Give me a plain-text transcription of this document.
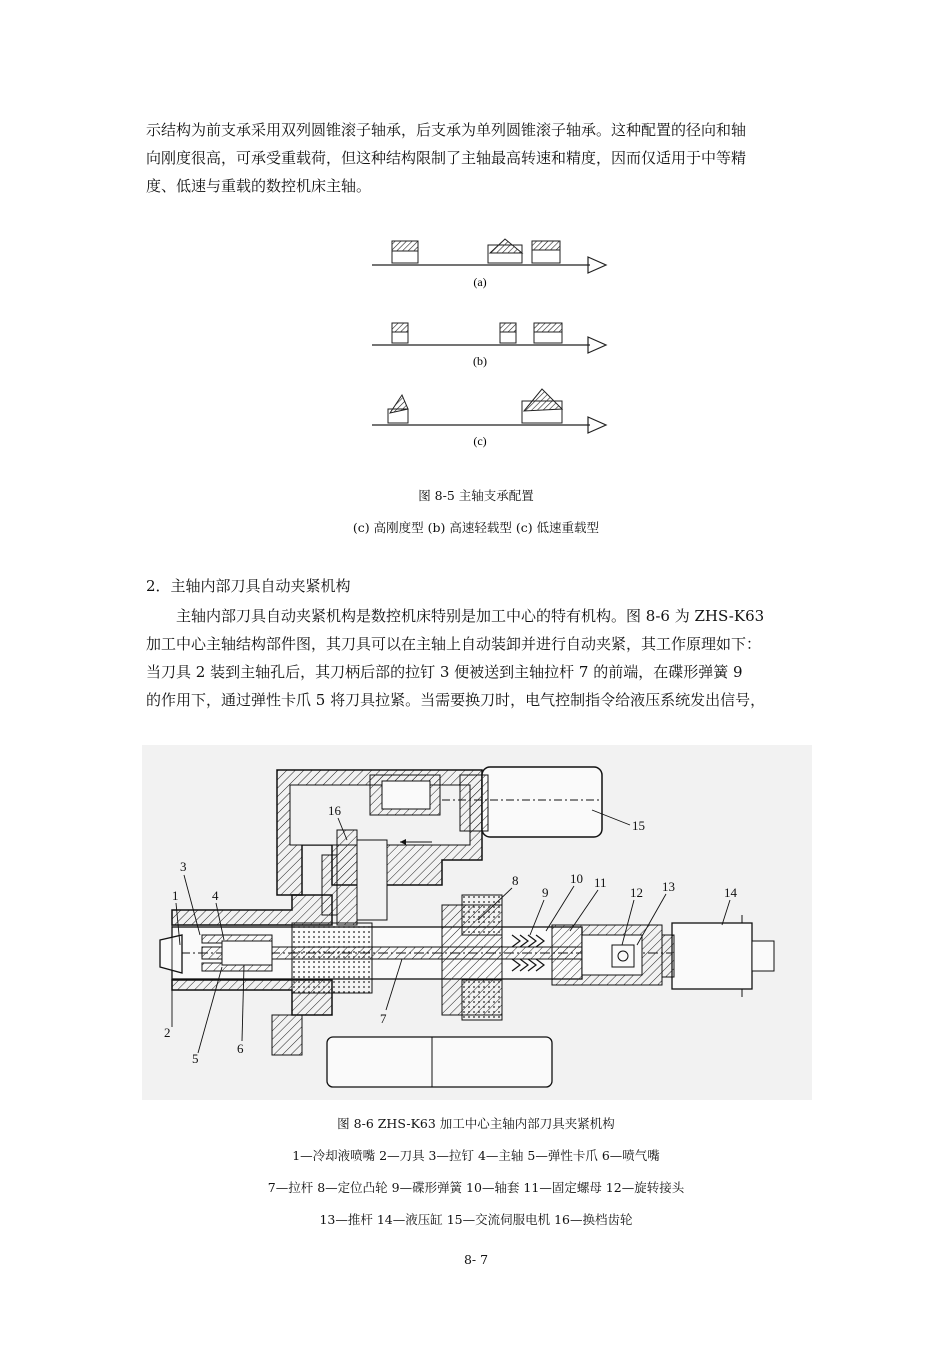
示结构为前支承采用双列圆锥滚子轴承，后支承为单列圆锥滚子轴承。这种配置的径向和轴
向刚度很高，可承受重载荷，但这种结构限制了主轴最高转速和精度，因而仅适用于中等精
度、低速与重载的数控机床主轴。
(a)
(b)
(c)
图 8-5 主轴支承配置
(c) 高刚度型 (b) 高速轻载型 (c) 低速重载型
2．主轴内部刀具自动夹紧机构
主轴内部刀具自动夹紧机构是数控机床特别是加工中心的特有机构。图 8-6 为 ZHS-K63
加工中心主轴结构部件图，其刀具可以在主轴上自动装卸并进行自动夹紧，其工作原理如下：
当刀具 2 装到主轴孔后，其刀柄后部的拉钉 3 便被送到主轴拉杆 7 的前端，在碟形弹簧 9
的作用下，通过弹性卡爪 5 将刀具拉紧。当需要换刀时，电气控制指令给液压系统发出信号，
1
2
3
4
5
6
7
8
9
10 11
12 13	14
15
16
图 8-6 ZHS-K63 加工中心主轴内部刀具夹紧机构
1—冷却液喷嘴 2—刀具 3—拉钉 4—主轴 5—弹性卡爪 6—喷气嘴
7—拉杆 8—定位凸轮 9—碟形弹簧 10—轴套 11—固定螺母 12—旋转接头
13—推杆 14—液压缸 15—交流伺服电机 16—换档齿轮
8- 7
